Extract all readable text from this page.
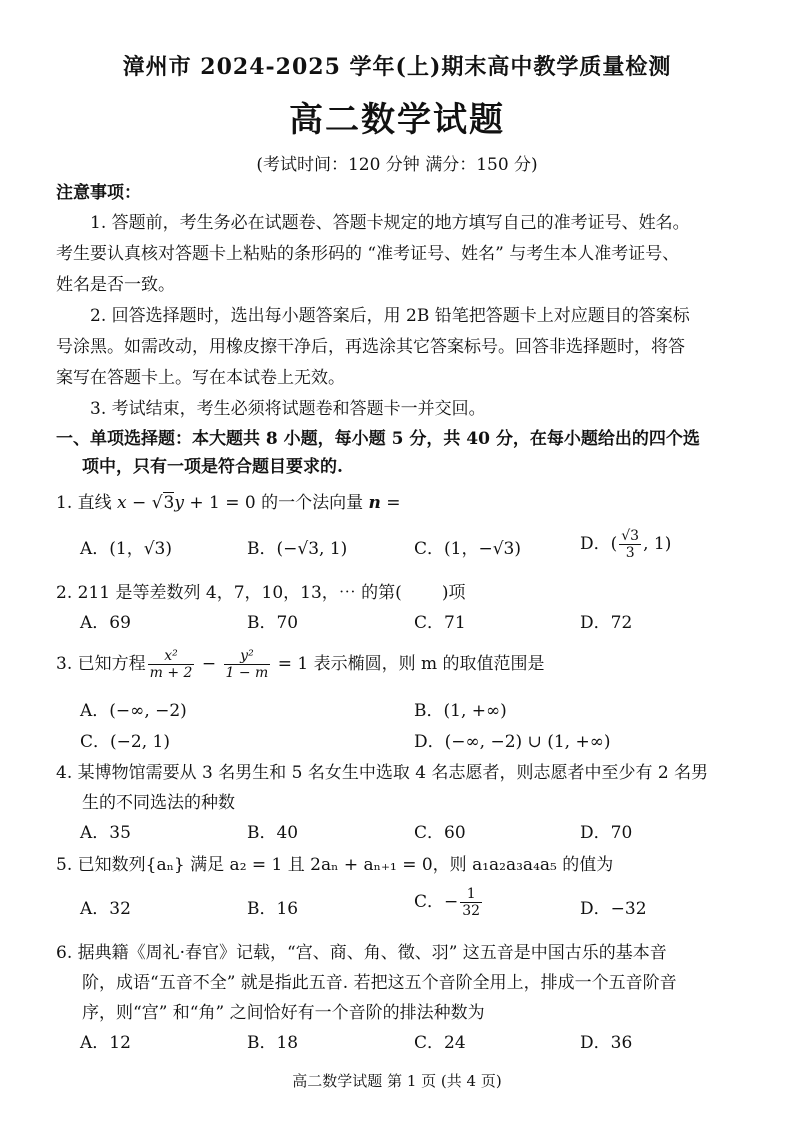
漳州市 2024-2025 学年(上)期末高中教学质量检测
高二数学试题
(考试时间：120 分钟 满分：150 分)
注意事项：
1. 答题前，考生务必在试题卷、答题卡规定的地方填写自己的准考证号、姓名。
考生要认真核对答题卡上粘贴的条形码的 “准考证号、姓名” 与考生本人准考证号、
姓名是否一致。
2. 回答选择题时，选出每小题答案后，用 2B 铅笔把答题卡上对应题目的答案标
号涂黑。如需改动，用橡皮擦干净后，再选涂其它答案标号。回答非选择题时，将答
案写在答题卡上。写在本试卷上无效。
3. 考试结束，考生必须将试题卷和答题卡一并交回。
一、单项选择题：本大题共 8 小题，每小题 5 分，共 40 分，在每小题给出的四个选
项中，只有一项是符合题目要求的.
1. 直线 x − √3y + 1 = 0 的一个法向量 n =
A．(1，√3)	B．(−√3, 1)	C．(1，−√3)	D．( $\frac{√3}{3}$ , 1)
2. 211 是等差数列 4，7，10，13，⋯ 的第( )项
A．69	B．70	C．71	D．72
3. 已知方程 $\frac{\text{x²}}{m + 2} - \frac{\text{y²}}{1 - m} = 1$ 表示椭圆，则 m 的取值范围是
A．(−∞, −2)	B．(1, +∞)
C．(−2, 1)	D．(−∞, −2) ∪ (1, +∞)
4. 某博物馆需要从 3 名男生和 5 名女生中选取 4 名志愿者，则志愿者中至少有 2 名男
生的不同选法的种数
A．35	B．40	C．60	D．70
5. 已知数列{aₙ} 满足 a₂ = 1 且 2aₙ + aₙ₊₁ = 0，则 a₁a₂a₃a₄a₅ 的值为
A．32	B．16	C．− $\frac{1}{32}$	D．−32
6. 据典籍《周礼·春官》记载，“宫、商、角、徵、羽” 这五音是中国古乐的基本音
阶，成语“五音不全” 就是指此五音. 若把这五个音阶全用上，排成一个五音阶音
序，则“宫” 和“角” 之间恰好有一个音阶的排法种数为
A．12	B．18	C．24	D．36
高二数学试题 第 1 页 (共 4 页)
